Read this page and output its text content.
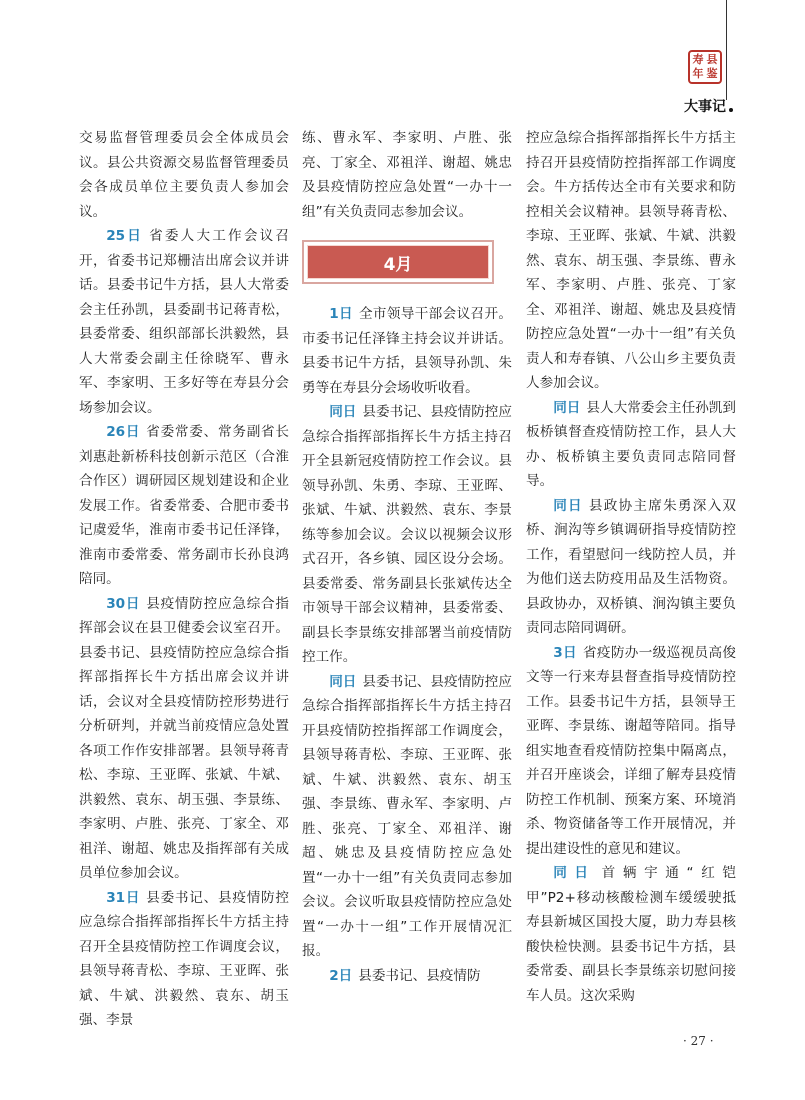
寿 县
年 鉴
大事记

交易监督管理委员会全体成员会议。县公共资源交易监督管理委员会各成员单位主要负责人参加会议。

25日 省委人大工作会议召开，省委书记郑栅洁出席会议并讲话。县委书记牛方括，县人大常委会主任孙凯，县委副书记蒋青松，县委常委、组织部部长洪毅然，县人大常委会副主任徐晓军、曹永军、李家明、王多好等在寿县分会场参加会议。

26日 省委常委、常务副省长刘惠赴新桥科技创新示范区（合淮合作区）调研园区规划建设和企业发展工作。省委常委、合肥市委书记虞爱华，淮南市委书记任泽锋，淮南市委常委、常务副市长孙良鸿陪同。

30日 县疫情防控应急综合指挥部会议在县卫健委会议室召开。县委书记、县疫情防控应急综合指挥部指挥长牛方括出席会议并讲话，会议对全县疫情防控形势进行分析研判，并就当前疫情应急处置各项工作作安排部署。县领导蒋青松、李琼、王亚晖、张斌、牛斌、洪毅然、袁东、胡玉强、李景练、李家明、卢胜、张亮、丁家全、邓祖洋、谢超、姚忠及指挥部有关成员单位参加会议。

31日 县委书记、县疫情防控应急综合指挥部指挥长牛方括主持召开全县疫情防控工作调度会议，县领导蒋青松、李琼、王亚晖、张斌、牛斌、洪毅然、袁东、胡玉强、李景

练、曹永军、李家明、卢胜、张亮、丁家全、邓祖洋、谢超、姚忠及县疫情防控应急处置“一办十一组”有关负责同志参加会议。

4月

1日 全市领导干部会议召开。市委书记任泽锋主持会议并讲话。县委书记牛方括，县领导孙凯、朱勇等在寿县分会场收听收看。

同日 县委书记、县疫情防控应急综合指挥部指挥长牛方括主持召开全县新冠疫情防控工作会议。县领导孙凯、朱勇、李琼、王亚晖、张斌、牛斌、洪毅然、袁东、李景练等参加会议。会议以视频会议形式召开，各乡镇、园区设分会场。县委常委、常务副县长张斌传达全市领导干部会议精神，县委常委、副县长李景练安排部署当前疫情防控工作。

同日 县委书记、县疫情防控应急综合指挥部指挥长牛方括主持召开县疫情防控指挥部工作调度会，县领导蒋青松、李琼、王亚晖、张斌、牛斌、洪毅然、袁东、胡玉强、李景练、曹永军、李家明、卢胜、张亮、丁家全、邓祖洋、谢超、姚忠及县疫情防控应急处置“一办十一组”有关负责同志参加会议。会议听取县疫情防控应急处置“一办十一组”工作开展情况汇报。

2日 县委书记、县疫情防

控应急综合指挥部指挥长牛方括主持召开县疫情防控指挥部工作调度会。牛方括传达全市有关要求和防控相关会议精神。县领导蒋青松、李琼、王亚晖、张斌、牛斌、洪毅然、袁东、胡玉强、李景练、曹永军、李家明、卢胜、张亮、丁家全、邓祖洋、谢超、姚忠及县疫情防控应急处置“一办十一组”有关负责人和寿春镇、八公山乡主要负责人参加会议。

同日 县人大常委会主任孙凯到板桥镇督查疫情防控工作，县人大办、板桥镇主要负责同志陪同督导。

同日 县政协主席朱勇深入双桥、涧沟等乡镇调研指导疫情防控工作，看望慰问一线防控人员，并为他们送去防疫用品及生活物资。县政协办，双桥镇、涧沟镇主要负责同志陪同调研。

3日 省疫防办一级巡视员高俊文等一行来寿县督查指导疫情防控工作。县委书记牛方括，县领导王亚晖、李景练、谢超等陪同。指导组实地查看疫情防控集中隔离点，并召开座谈会，详细了解寿县疫情防控工作机制、预案方案、环境消杀、物资储备等工作开展情况，并提出建设性的意见和建议。

同日 首辆宇通“红铠甲”P2+移动核酸检测车缓缓驶抵寿县新城区国投大厦，助力寿县核酸快检快测。县委书记牛方括，县委常委、副县长李景练亲切慰问接车人员。这次采购

· 27 ·
